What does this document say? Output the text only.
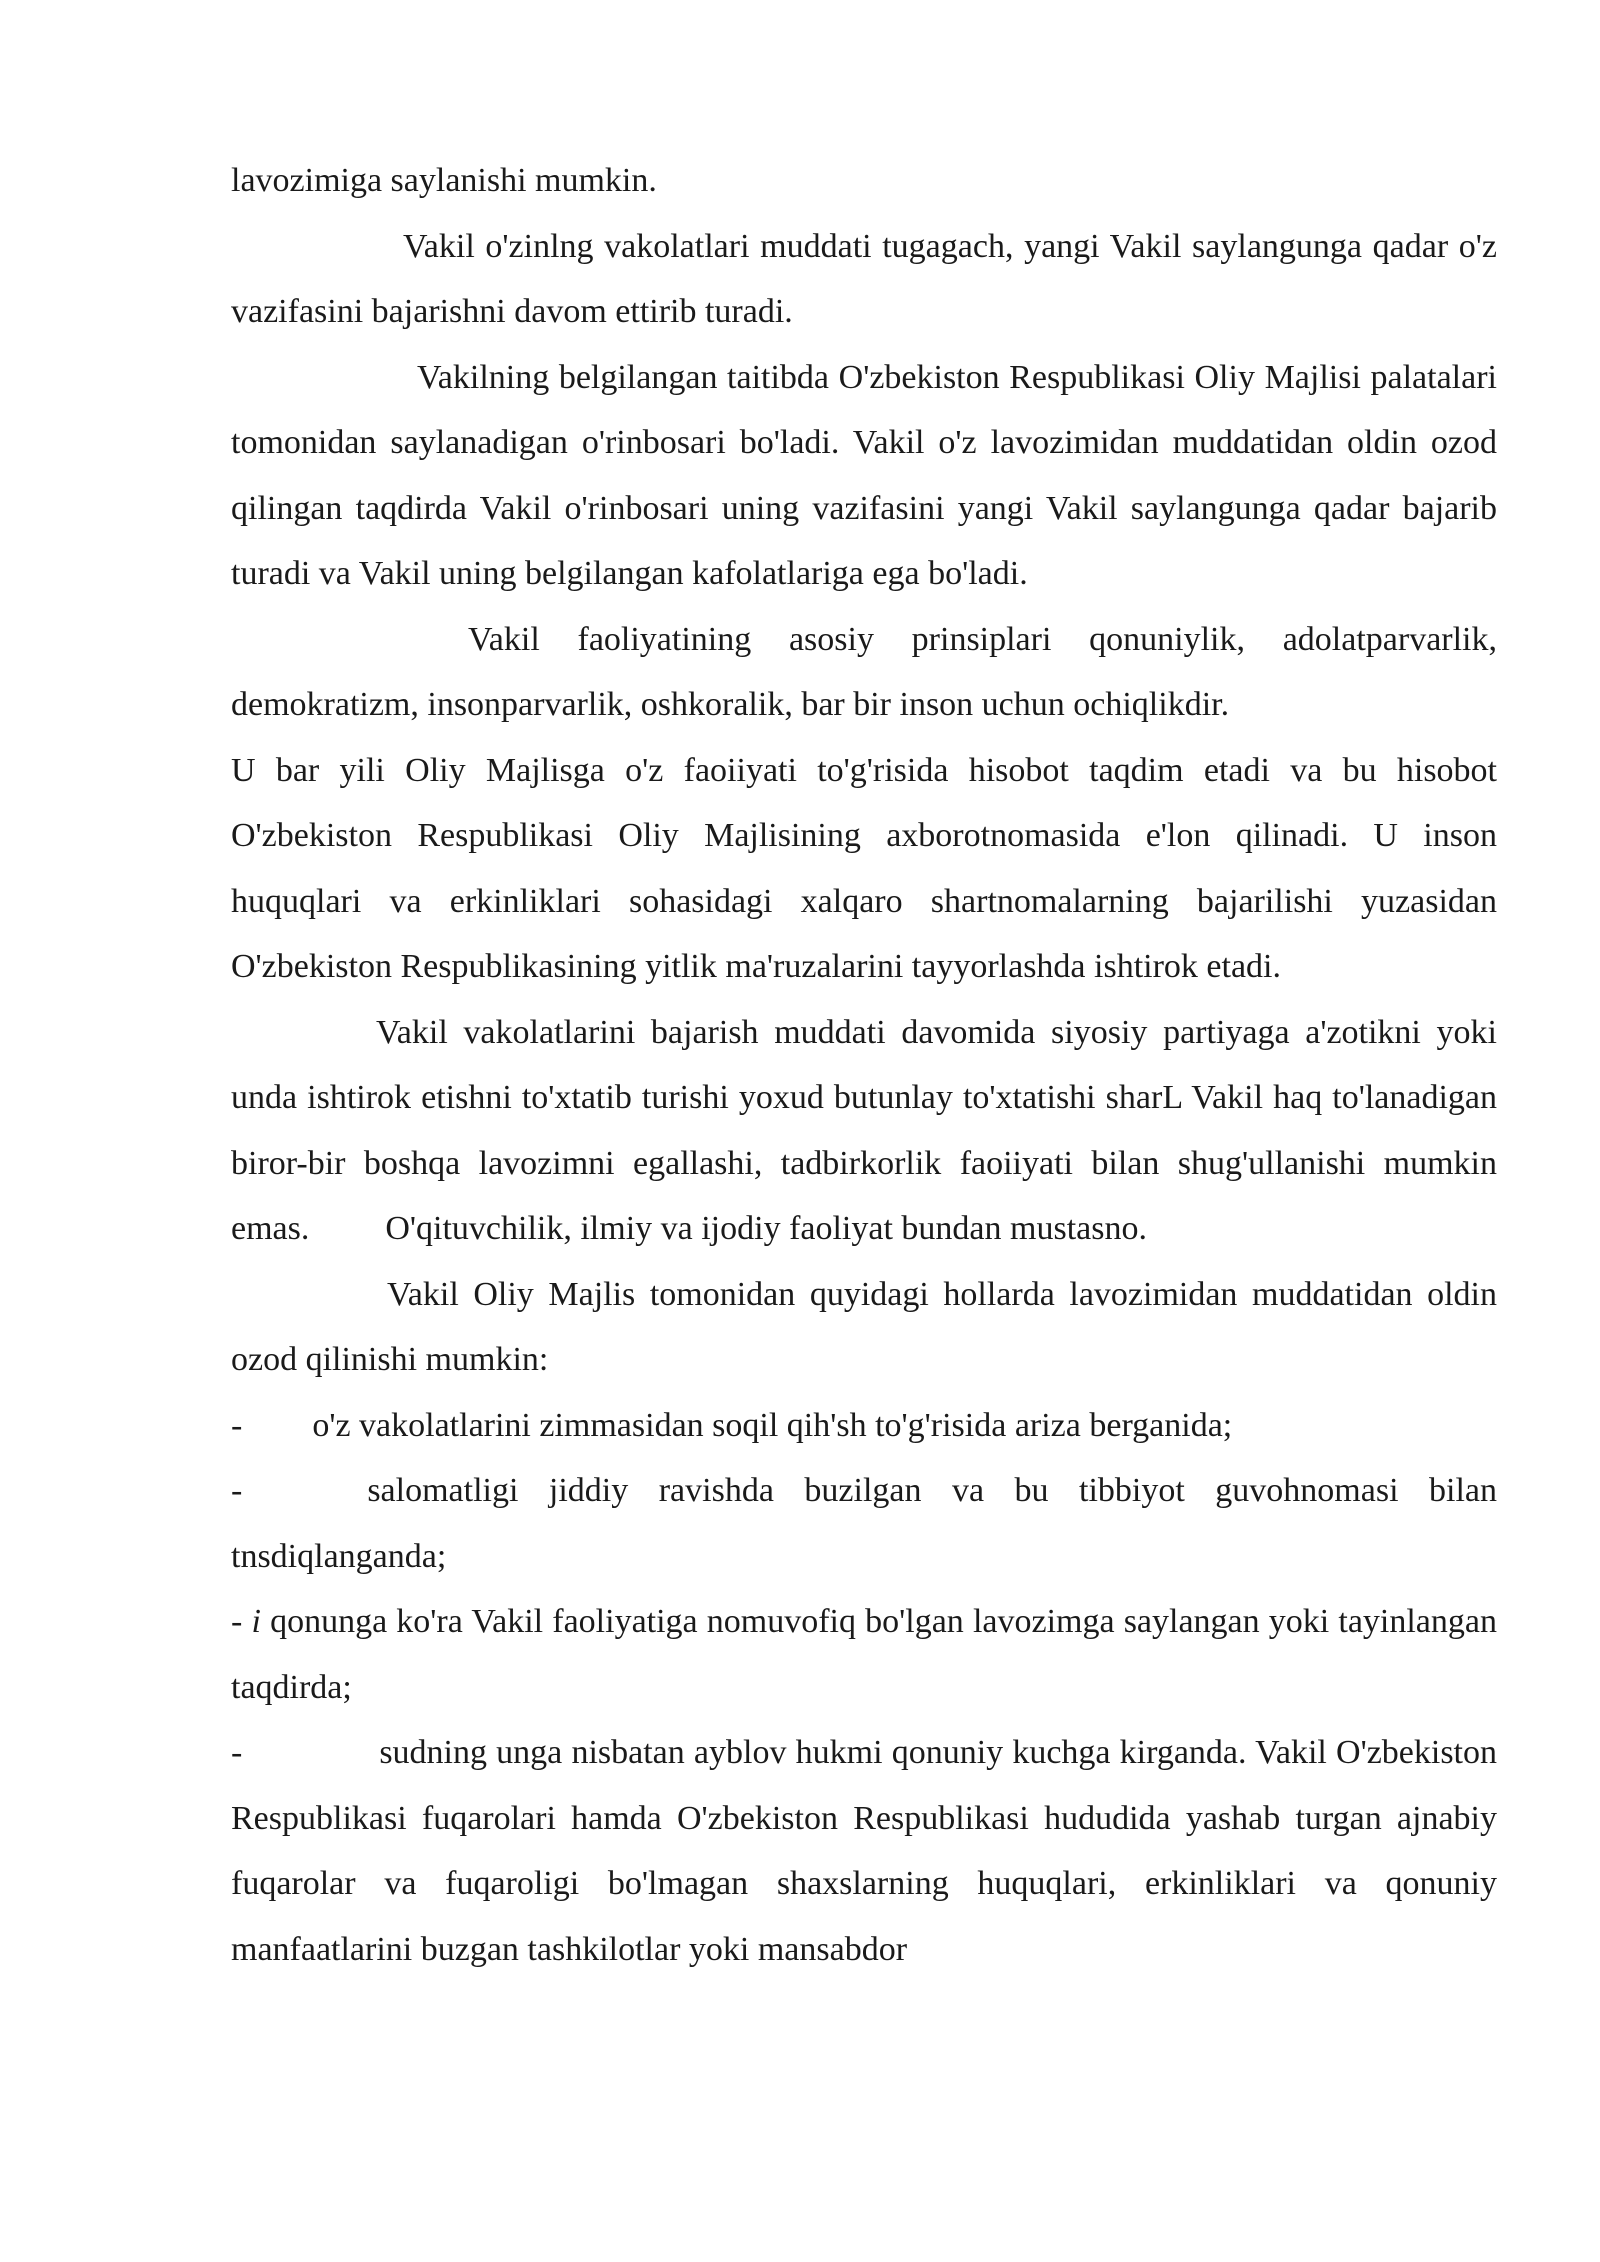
lavozimiga saylanishi mumkin.

Vakil o'zinlng vakolatlari muddati tugagach, yangi Vakil saylangunga qadar o'z vazifasini bajarishni davom ettirib turadi.

Vakilning belgilangan taitibda O'zbekiston Respublikasi Oliy Majlisi palatalari tomonidan saylanadigan o'rinbosari bo'ladi. Vakil o'z lavozimidan muddatidan oldin ozod qilingan taqdirda Vakil o'rinbosari uning vazifasini yangi Vakil saylangunga qadar bajarib turadi va Vakil uning belgilangan kafolatlariga ega bo'ladi.

Vakil faoliyatining asosiy prinsiplari qonuniylik, adolatparvarlik, demokratizm, insonparvarlik, oshkoralik, bar bir inson uchun ochiqlikdir.

U bar yili Oliy Majlisga o'z faoiiyati to'g'risida hisobot taqdim etadi va bu hisobot O'zbekiston Respublikasi Oliy Majlisining axborotnomasida e'lon qilinadi. U inson huquqlari va erkinliklari sohasidagi xalqaro shartnomalarning bajarilishi yuzasidan O'zbekiston Respublikasining yitlik ma'ruzalarini tayyorlashda ishtirok etadi.

Vakil vakolatlarini bajarish muddati davomida siyosiy partiyaga a'zotikni yoki unda ishtirok etishni to'xtatib turishi yoxud butunlay to'xtatishi sharL Vakil haq to'lanadigan biror-bir boshqa lavozimni egallashi, tadbirkorlik faoiiyati bilan shug'ullanishi mumkin emas. O'qituvchilik, ilmiy va ijodiy faoliyat bundan mustasno.

Vakil Oliy Majlis tomonidan quyidagi hollarda lavozimidan muddatidan oldin ozod qilinishi mumkin:

- o'z vakolatlarini zimmasidan soqil qih'sh to'g'risida ariza berganida;

-	salomatligi jiddiy ravishda buzilgan va bu tibbiyot guvohnomasi bilan tnsdiqlanganda;

- i qonunga ko'ra Vakil faoliyatiga nomuvofiq bo'lgan lavozimga saylangan yoki tayinlangan taqdirda;

-	sudning unga nisbatan ayblov hukmi qonuniy kuchga kirganda. Vakil O'zbekiston Respublikasi fuqarolari hamda O'zbekiston Respublikasi hududida yashab turgan ajnabiy fuqarolar va fuqaroligi bo'lmagan shaxslarning huquqlari, erkinliklari va qonuniy manfaatlarini buzgan tashkilotlar yoki mansabdor
